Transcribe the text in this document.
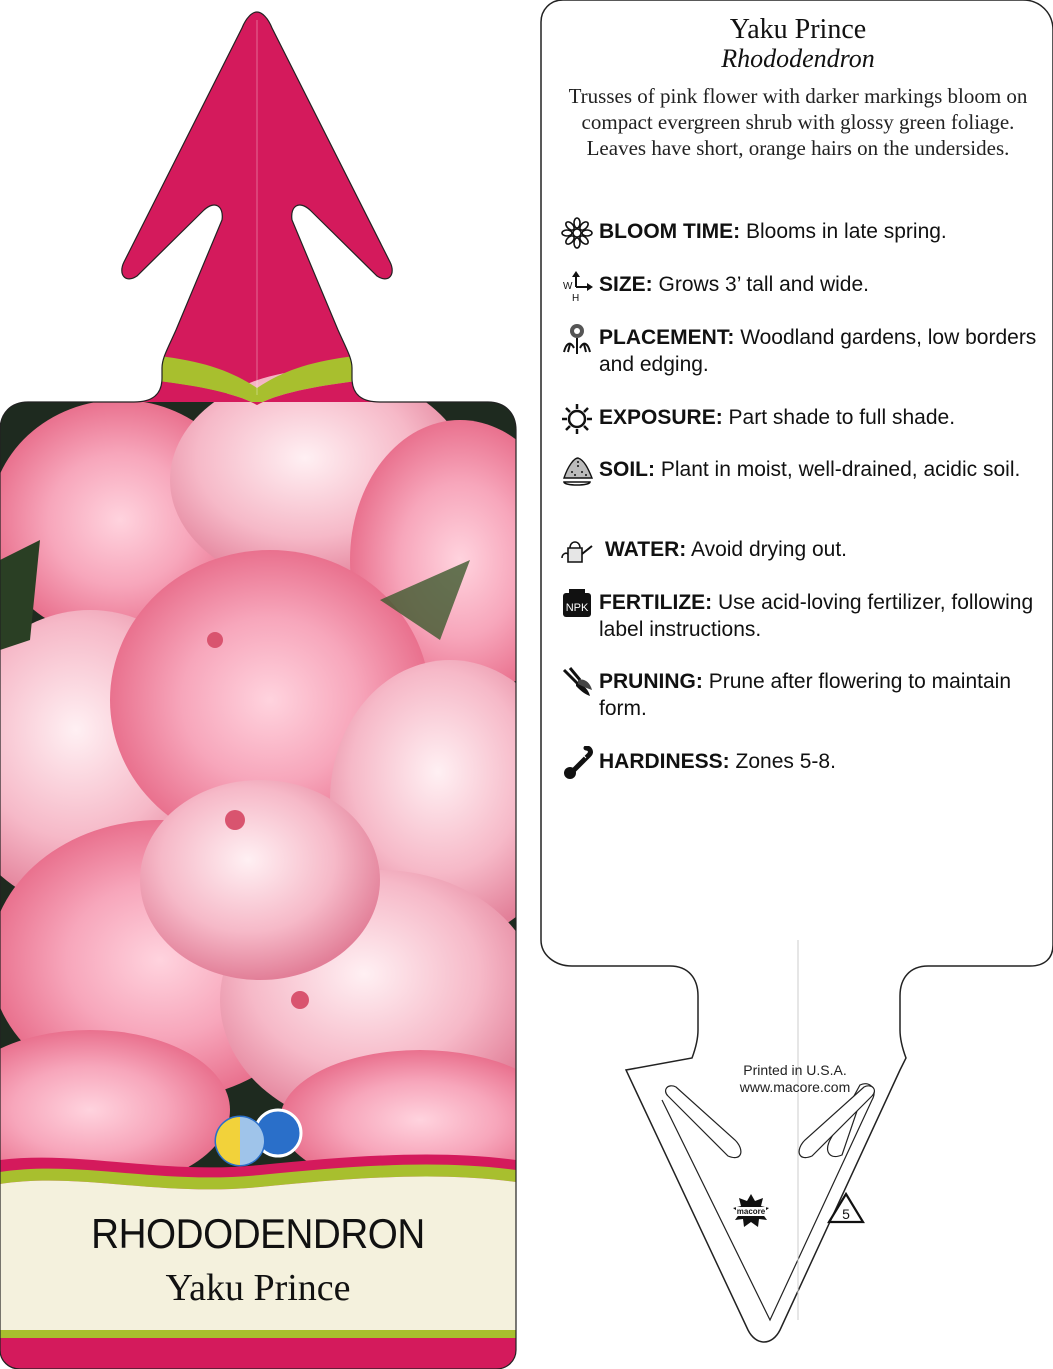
macore	5
RHODODENDRON
Yaku Prince
Yaku Prince
Rhododendron
Trusses of pink flower with darker markings bloom on compact evergreen shrub with glossy green foliage. Leaves have short, orange hairs on the undersides.
BLOOM TIME: Blooms in late spring.
W
H
SIZE: Grows 3’ tall and wide.
PLACEMENT: Woodland gardens, low borders and edging.
EXPOSURE: Part shade to full shade.
SOIL: Plant in moist, well-drained, acidic soil.
WATER: Avoid drying out.
NPK FERTILIZE: Use acid-loving fertilizer, following label instructions.
PRUNING: Prune after flowering to maintain form.
HARDINESS: Zones 5-8.
Printed in U.S.A.
www.macore.com
